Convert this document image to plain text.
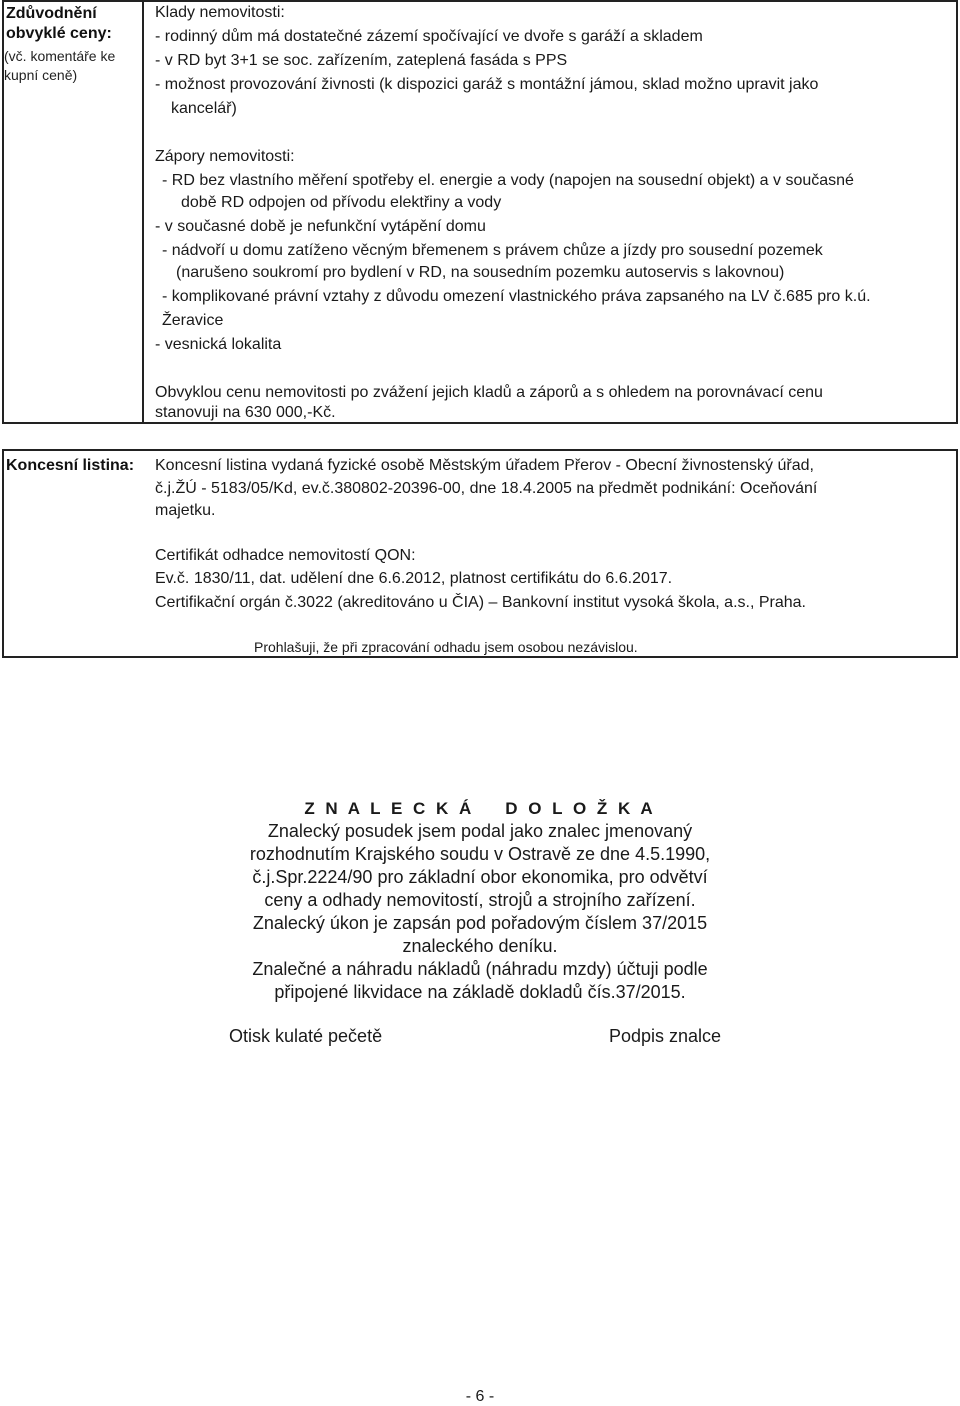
Zdůvodnění
obvyklé ceny:
(vč. komentáře ke
kupní ceně)
Klady nemovitosti:
- rodinný dům má dostatečné zázemí spočívající ve dvoře s garáží a skladem
- v RD byt 3+1 se soc. zařízením, zateplená fasáda s PPS
- možnost provozování živnosti (k dispozici garáž s montážní jámou, sklad možno upravit jako
kancelář)
Zápory nemovitosti:
- RD bez vlastního měření spotřeby el. energie a vody (napojen na sousední objekt) a v současné
době RD odpojen od přívodu elektřiny a vody
- v současné době je nefunkční vytápění domu
- nádvoří u domu zatíženo věcným břemenem s právem chůze a jízdy pro sousední pozemek
(narušeno soukromí pro bydlení v RD, na sousedním pozemku autoservis s lakovnou)
- komplikované právní vztahy z důvodu omezení vlastnického práva zapsaného na LV č.685 pro k.ú.
Žeravice
- vesnická lokalita
Obvyklou cenu nemovitosti po zvážení jejich kladů a záporů a s ohledem na porovnávací cenu
stanovuji na 630 000,-Kč.
Koncesní listina: Koncesní listina vydaná fyzické osobě Městským úřadem Přerov - Obecní živnostenský úřad,
č.j.ŽÚ - 5183/05/Kd, ev.č.380802-20396-00, dne 18.4.2005 na předmět podnikání: Oceňování
majetku.
Certifikát odhadce nemovitostí QON:
Ev.č. 1830/11, dat. udělení dne 6.6.2012, platnost certifikátu do 6.6.2017.
Certifikační orgán č.3022 (akreditováno u ČIA) – Bankovní institut vysoká škola, a.s., Praha.
Prohlašuji, že při zpracování odhadu jsem osobou nezávislou.
Z N A L E C K Á    D O L O Ž K A
Znalecký posudek jsem podal jako znalec jmenovaný
rozhodnutím Krajského soudu v Ostravě ze dne 4.5.1990,
č.j.Spr.2224/90 pro základní obor ekonomika, pro odvětví
ceny a odhady nemovitostí, strojů a strojního zařízení.
Znalecký úkon je zapsán pod pořadovým číslem 37/2015
znaleckého deníku.
Znalečné a náhradu nákladů (náhradu mzdy) účtuji podle
připojené likvidace na základě dokladů čís.37/2015.
Otisk kulaté pečetě	Podpis znalce
- 6 -
